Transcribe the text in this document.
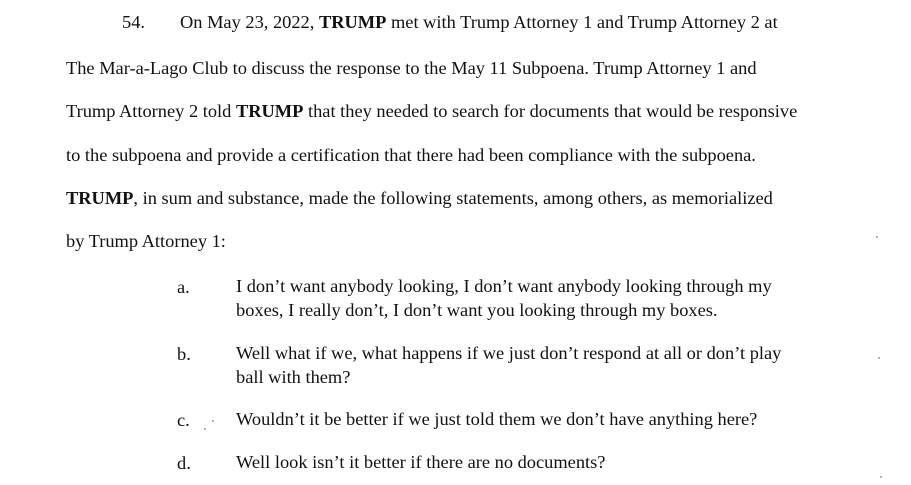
54. On May 23, 2022, TRUMP met with Trump Attorney 1 and Trump Attorney 2 at
The Mar-a-Lago Club to discuss the response to the May 11 Subpoena. Trump Attorney 1 and
Trump Attorney 2 told TRUMP that they needed to search for documents that would be responsive
to the subpoena and provide a certification that there had been compliance with the subpoena.
TRUMP, in sum and substance, made the following statements, among others, as memorialized
by Trump Attorney 1:
a.	I don’t want anybody looking, I don’t want anybody looking through my
boxes, I really don’t, I don’t want you looking through my boxes.
b. Well what if we, what happens if we just don’t respond at all or don’t play
ball with them?
c.	Wouldn’t it be better if we just told them we don’t have anything here?
d. Well look isn’t it better if there are no documents?
